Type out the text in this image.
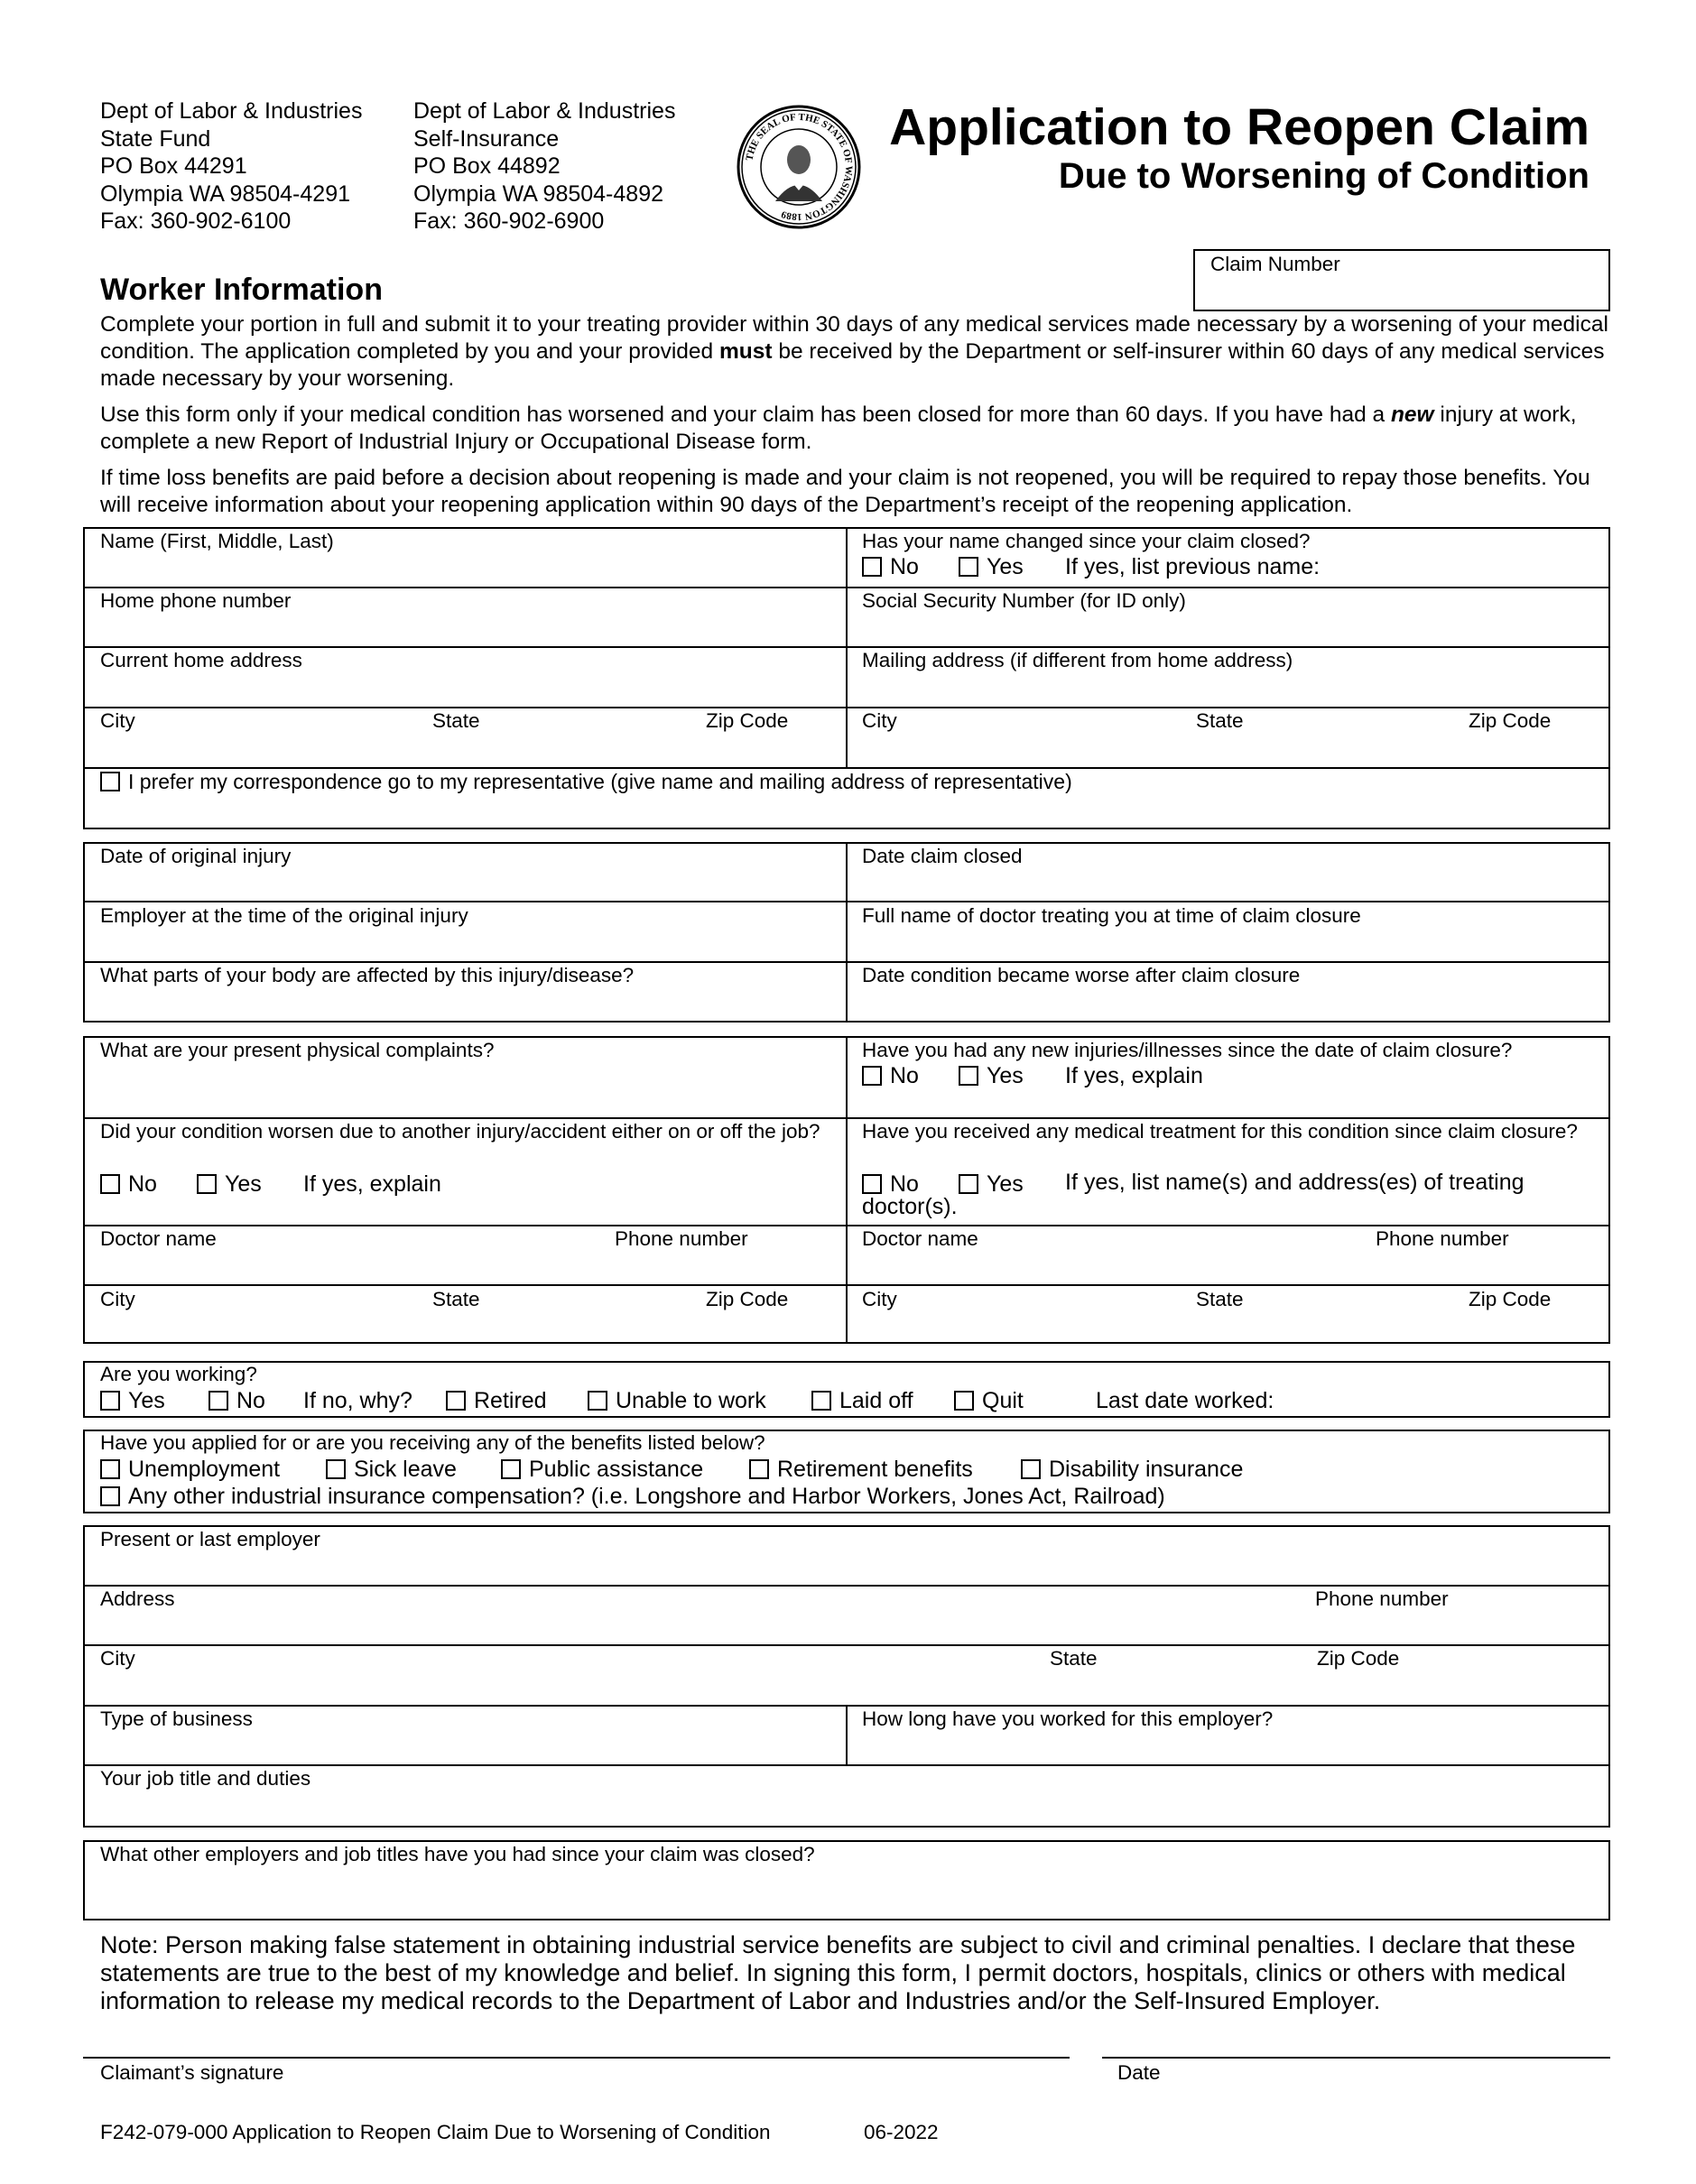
Dept of Labor & Industries
State Fund
PO Box 44291
Olympia WA 98504-4291
Fax: 360-902-6100
Dept of Labor & Industries
Self-Insurance
PO Box 44892
Olympia WA 98504-4892
Fax: 360-902-6900
THE SEAL OF THE STATE OF WASHINGTON 1889
Application to Reopen Claim
Due to Worsening of Condition
Claim Number
Worker Information
Complete your portion in full and submit it to your treating provider within 30 days of any medical services made necessary by a worsening of your medical condition. The application completed by you and your provided must be received by the Department or self-insurer within 60 days of any medical services made necessary by your worsening.
Use this form only if your medical condition has worsened and your claim has been closed for more than 60 days. If you have had a new injury at work, complete a new Report of Industrial Injury or Occupational Disease form.
If time loss benefits are paid before a decision about reopening is made and your claim is not reopened, you will be required to repay those benefits. You will receive information about your reopening application within 90 days of the Department’s receipt of the reopening application.
Name (First, Middle, Last)	Has your name changed since your claim closed?
No	Yes If yes, list previous name:
Home phone number	Social Security Number (for ID only)
Current home address	Mailing address (if different from home address)
City	State	Zip Code	City	State	Zip Code
I prefer my correspondence go to my representative (give name and mailing address of representative)
Date of original injury	Date claim closed
Employer at the time of the original injury	Full name of doctor treating you at time of claim closure
What parts of your body are affected by this injury/disease?	Date condition became worse after claim closure
What are your present physical complaints?	Have you had any new injuries/illnesses since the date of claim closure?
No	Yes If yes, explain
Did your condition worsen due to another injury/accident either on or off the job?
No	Yes If yes, explain
Have you received any medical treatment for this condition since claim closure?
No	Yes	If yes, list name(s) and address(es) of treating doctor(s).
Doctor name	Phone number	Doctor name	Phone number
City	State	Zip Code	City	State	Zip Code
Are you working?
Yes	No If no, why?	Retired	Unable to work	Laid off	Quit	Last date worked:
Have you applied for or are you receiving any of the benefits listed below?
Unemployment	Sick leave	Public assistance	Retirement benefits	Disability insurance
Any other industrial insurance compensation? (i.e. Longshore and Harbor Workers, Jones Act, Railroad)
Present or last employer
Address	Phone number
City	State	Zip Code
Type of business	How long have you worked for this employer?
Your job title and duties
What other employers and job titles have you had since your claim was closed?
Note: Person making false statement in obtaining industrial service benefits are subject to civil and criminal penalties. I declare that these statements are true to the best of my knowledge and belief. In signing this form, I permit doctors, hospitals, clinics or others with medical information to release my medical records to the Department of Labor and Industries and/or the Self-Insured Employer.
Claimant’s signature	Date
F242-079-000 Application to Reopen Claim Due to Worsening of Condition	06-2022
